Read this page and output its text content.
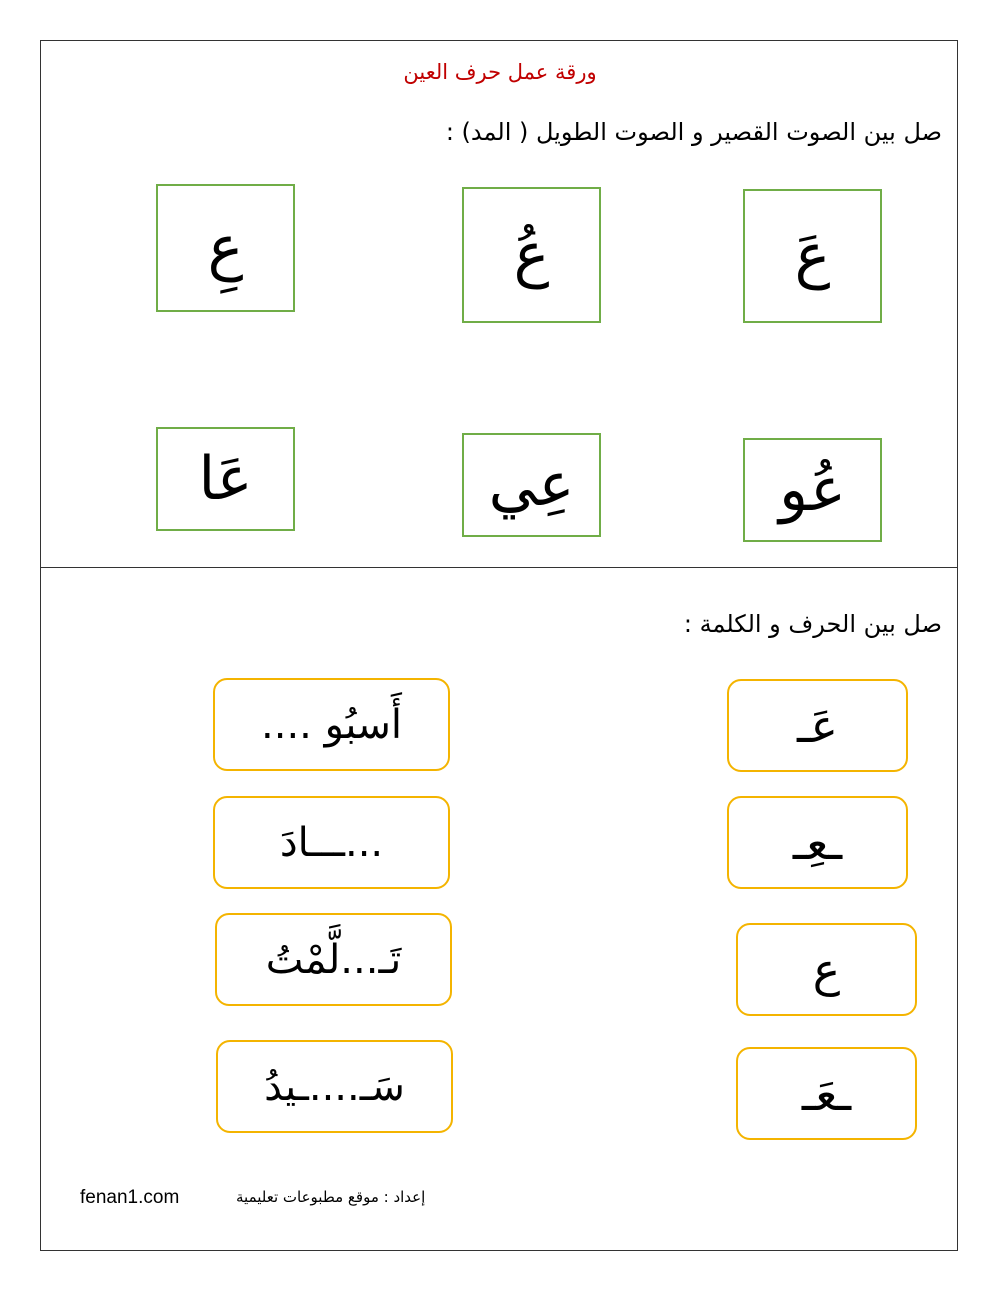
ورقة عمل حرف العين
صل بين الصوت القصير و الصوت الطويل ( المد) :
عَ
عُ
عِ
عُو
عِي
عَا
صل بين الحرف و الكلمة :
عَـ
ـعِـ
ع
ـعَـ
أَسبُو ....
...ـــادَ
تَـ...لَّمْتُ
سَـ....ـيدُ
fenan1.com	إعداد : موقع مطبوعات تعليمية
